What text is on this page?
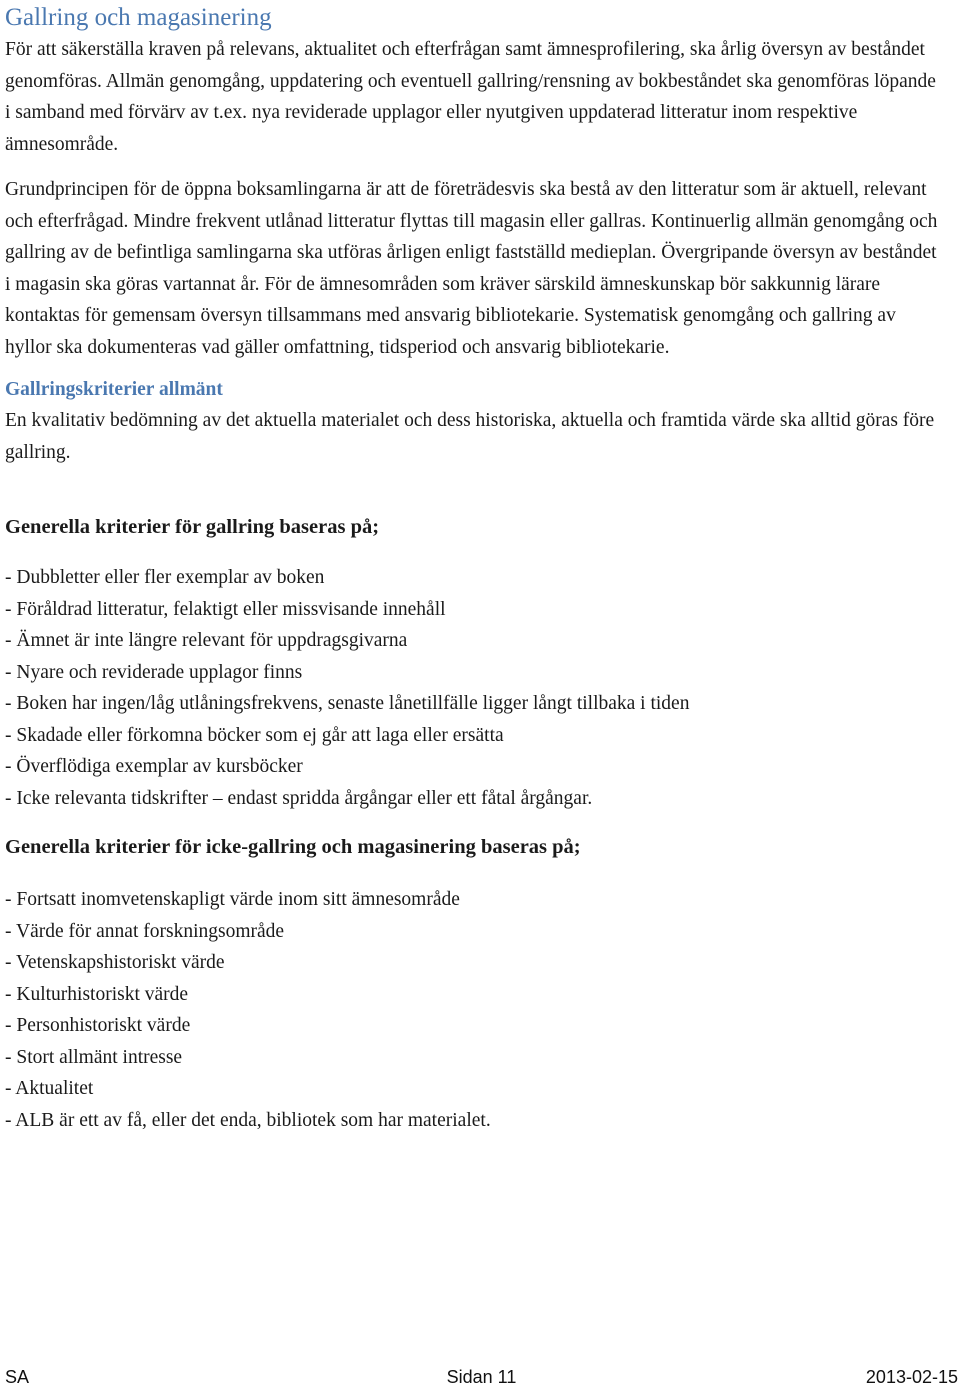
Gallring och magasinering

För att säkerställa kraven på relevans, aktualitet och efterfrågan samt ämnesprofilering, ska årlig översyn av beståndet genomföras. Allmän genomgång, uppdatering och eventuell gallring/rensning av bokbeståndet ska genomföras löpande i samband med förvärv av t.ex. nya reviderade upplagor eller nyutgiven uppdaterad litteratur inom respektive ämnesområde.

Grundprincipen för de öppna boksamlingarna är att de företrädesvis ska bestå av den litteratur som är aktuell, relevant och efterfrågad. Mindre frekvent utlånad litteratur flyttas till magasin eller gallras. Kontinuerlig allmän genomgång och gallring av de befintliga samlingarna ska utföras årligen enligt fastställd medieplan. Övergripande översyn av beståndet i magasin ska göras vartannat år. För de ämnesområden som kräver särskild ämneskunskap bör sakkunnig lärare kontaktas för gemensam översyn tillsammans med ansvarig bibliotekarie. Systematisk genomgång och gallring av hyllor ska dokumenteras vad gäller omfattning, tidsperiod och ansvarig bibliotekarie.

Gallringskriterier allmänt

En kvalitativ bedömning av det aktuella materialet och dess historiska, aktuella och framtida värde ska alltid göras före gallring.

Generella kriterier för gallring baseras på;
- Dubbletter eller fler exemplar av boken
- Föråldrad litteratur, felaktigt eller missvisande innehåll
- Ämnet är inte längre relevant för uppdragsgivarna
- Nyare och reviderade upplagor finns
- Boken har ingen/låg utlåningsfrekvens, senaste lånetillfälle ligger långt tillbaka i tiden
- Skadade eller förkomna böcker som ej går att laga eller ersätta
- Överflödiga exemplar av kursböcker
- Icke relevanta tidskrifter – endast spridda årgångar eller ett fåtal årgångar.
Generella kriterier för icke-gallring och magasinering baseras på;
- Fortsatt inomvetenskapligt värde inom sitt ämnesområde
- Värde för annat forskningsområde
- Vetenskapshistoriskt värde
- Kulturhistoriskt värde
- Personhistoriskt värde
- Stort allmänt intresse
- Aktualitet
- ALB är ett av få, eller det enda, bibliotek som har materialet.
SA	Sidan 11	2013-02-15
